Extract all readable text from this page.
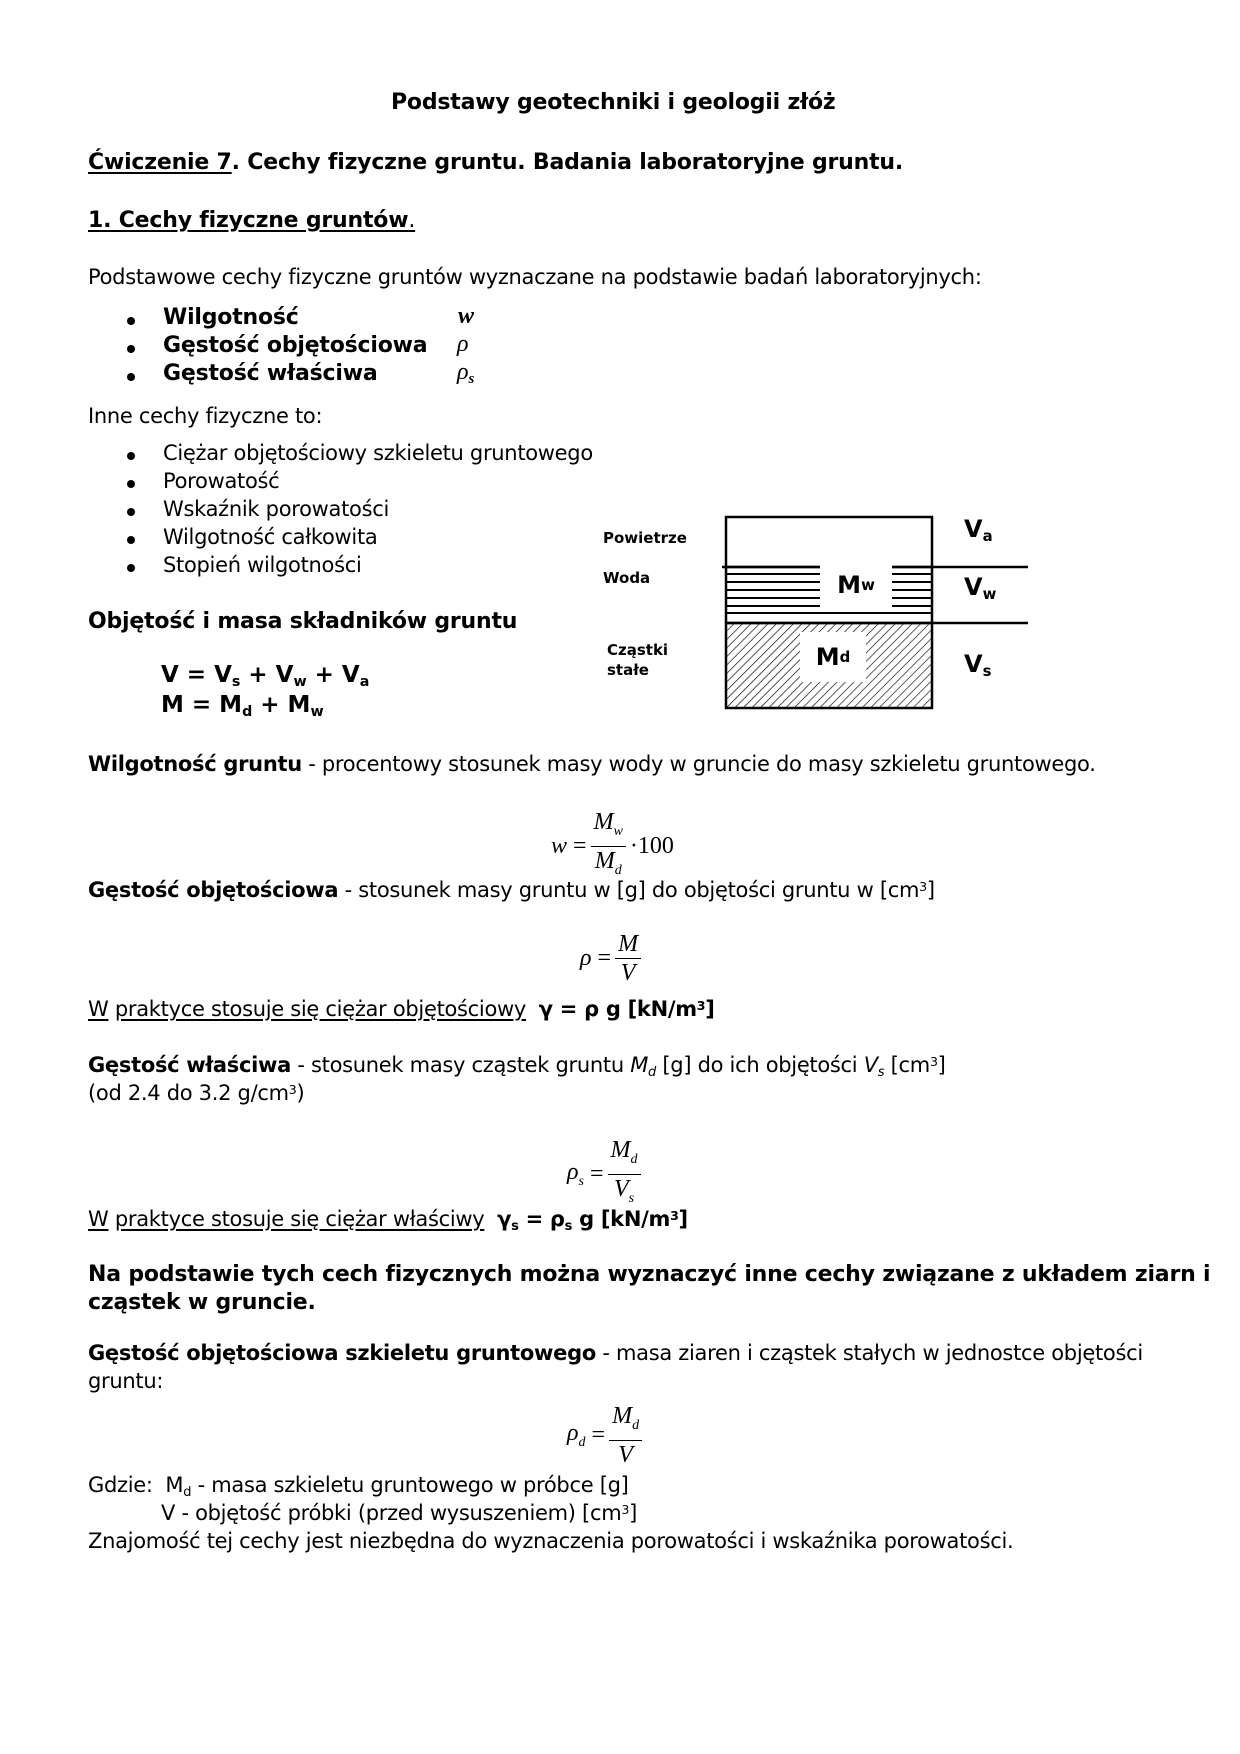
Podstawy geotechniki i geologii złóż
Ćwiczenie 7. Cechy fizyczne gruntu. Badania laboratoryjne gruntu.
1. Cechy fizyczne gruntów.
Podstawowe cechy fizyczne gruntów wyznaczane na podstawie badań laboratoryjnych:
Wilgotność	w
Gęstość objętościowa ρ
Gęstość właściwa	$\rho_s$
Inne cechy fizyczne to:
Ciężar objętościowy szkieletu gruntowego
Porowatość
Wskaźnik porowatości
Wilgotność całkowita
Stopień wilgotności
Objętość i masa składników gruntu
$V = V_s + V_w + V_a$
$M = M_d + M_w$
Powietrze
Woda
Cząstki
stałe
M w
M d
$V_a$
$V_w$
$V_s$
Wilgotność gruntu - procentowy stosunek masy wody w gruncie do masy szkieletu gruntowego.
$w = \frac{M_w}{M_d} \cdot 100$
Gęstość objętościowa - stosunek masy gruntu w [g] do objętości gruntu w $[cm^3]$
$\rho = \frac{M}{V}$
W praktyce stosuje się ciężar objętościowy γ = ρ g $[kN/m^3]$
Gęstość właściwa - stosunek masy cząstek gruntu $M_d$ [g] do ich objętości $V_s$ $[cm^3]$
(od 2.4 do 3.2 $g/cm^3$)
$\rho_s = \frac{M_d}{V_s}$
W praktyce stosuje się ciężar właściwy $\gamma_s = \rho_s$ g $[kN/m^3]$
Na podstawie tych cech fizycznych można wyznaczyć inne cechy związane z układem ziarn i
cząstek w gruncie.
Gęstość objętościowa szkieletu gruntowego - masa ziaren i cząstek stałych w jednostce objętości
gruntu:
$\rho_d = \frac{M_d}{V}$
Gdzie: $M_d$ - masa szkieletu gruntowego w próbce [g]
V - objętość próbki (przed wysuszeniem) $[cm^3]$
Znajomość tej cechy jest niezbędna do wyznaczenia porowatości i wskaźnika porowatości.
